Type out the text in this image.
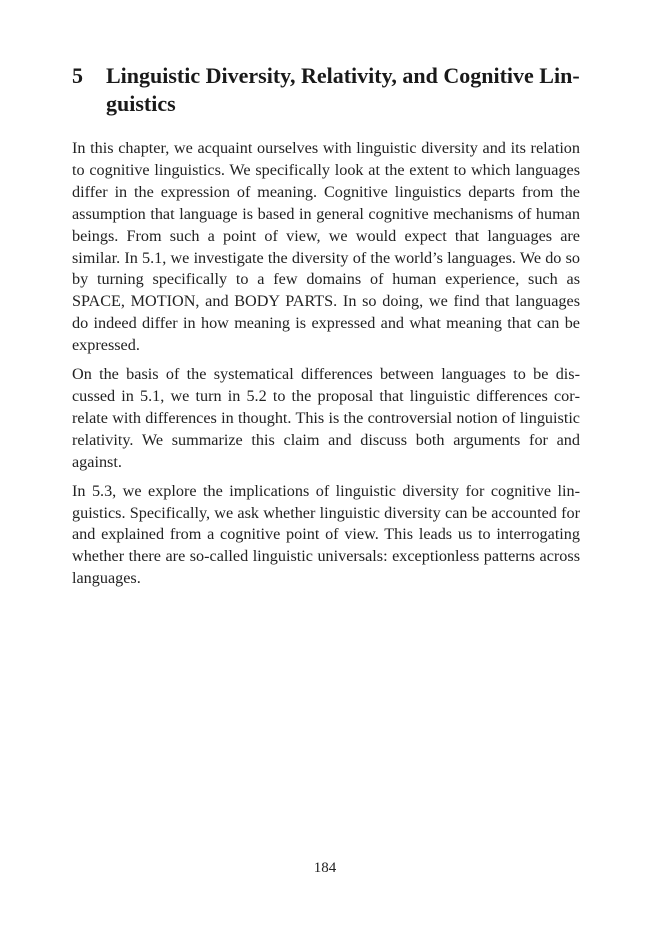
5 Linguistic Diversity, Relativity, and Cognitive Linguistics

In this chapter, we acquaint ourselves with linguistic diversity and its relation to cognitive linguistics. We specifically look at the extent to which languages differ in the expression of meaning. Cognitive linguistics departs from the assumption that language is based in general cognitive mechanisms of human beings. From such a point of view, we would expect that languages are similar. In 5.1, we investigate the diversity of the world’s languages. We do so by turning specifically to a few domains of human experience, such as SPACE, MOTION, and BODY PARTS. In so doing, we find that languages do indeed differ in how meaning is expressed and what meaning that can be expressed.

On the basis of the systematical differences between languages to be discussed in 5.1, we turn in 5.2 to the proposal that linguistic differences correlate with differences in thought. This is the controversial notion of linguistic relativity. We summarize this claim and discuss both arguments for and against.

In 5.3, we explore the implications of linguistic diversity for cognitive linguistics. Specifically, we ask whether linguistic diversity can be accounted for and explained from a cognitive point of view. This leads us to interrogating whether there are so-called linguistic universals: exceptionless patterns across languages.

184
